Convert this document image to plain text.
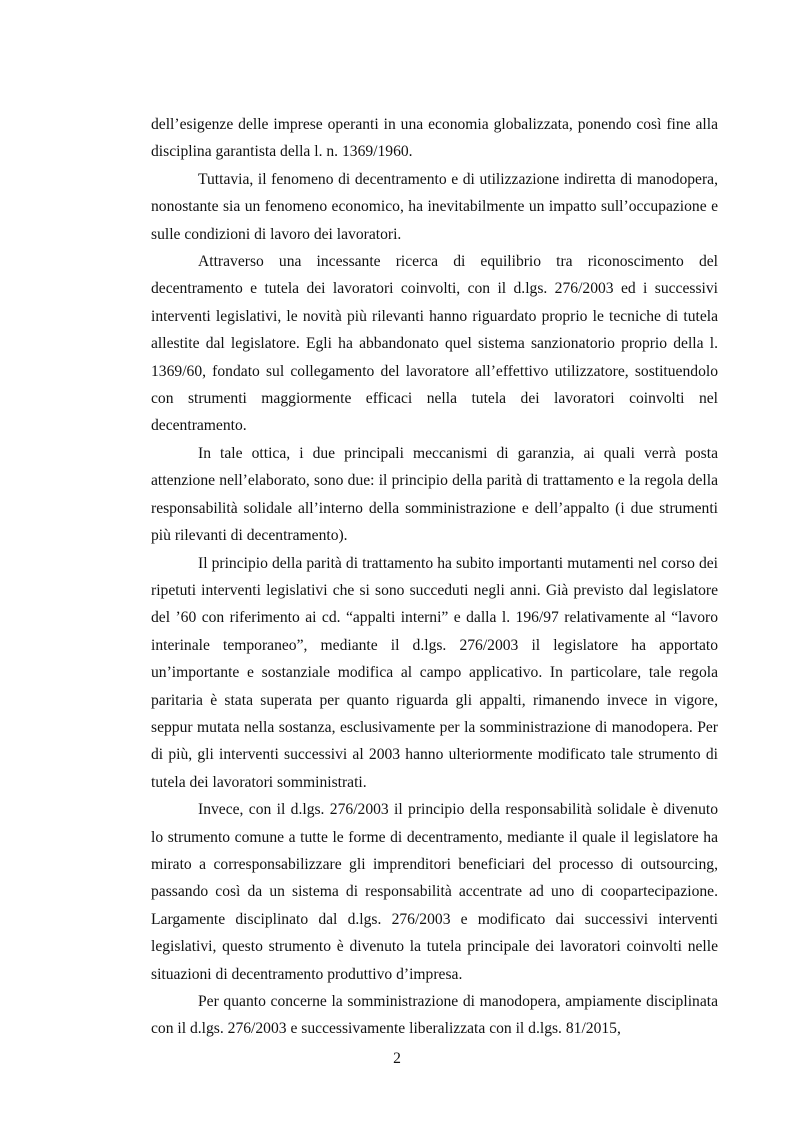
dell’esigenze delle imprese operanti in una economia globalizzata, ponendo così fine alla disciplina garantista della l. n. 1369/1960.

Tuttavia, il fenomeno di decentramento e di utilizzazione indiretta di manodopera, nonostante sia un fenomeno economico, ha inevitabilmente un impatto sull’occupazione e sulle condizioni di lavoro dei lavoratori.

Attraverso una incessante ricerca di equilibrio tra riconoscimento del decentramento e tutela dei lavoratori coinvolti, con il d.lgs. 276/2003 ed i successivi interventi legislativi, le novità più rilevanti hanno riguardato proprio le tecniche di tutela allestite dal legislatore. Egli ha abbandonato quel sistema sanzionatorio proprio della l. 1369/60, fondato sul collegamento del lavoratore all’effettivo utilizzatore, sostituendolo con strumenti maggiormente efficaci nella tutela dei lavoratori coinvolti nel decentramento.

In tale ottica, i due principali meccanismi di garanzia, ai quali verrà posta attenzione nell’elaborato, sono due: il principio della parità di trattamento e la regola della responsabilità solidale all’interno della somministrazione e dell’appalto (i due strumenti più rilevanti di decentramento).

Il principio della parità di trattamento ha subito importanti mutamenti nel corso dei ripetuti interventi legislativi che si sono succeduti negli anni. Già previsto dal legislatore del ’60 con riferimento ai cd. “appalti interni” e dalla l. 196/97 relativamente al “lavoro interinale temporaneo”, mediante il d.lgs. 276/2003 il legislatore ha apportato un’importante e sostanziale modifica al campo applicativo. In particolare, tale regola paritaria è stata superata per quanto riguarda gli appalti, rimanendo invece in vigore, seppur mutata nella sostanza, esclusivamente per la somministrazione di manodopera. Per di più, gli interventi successivi al 2003 hanno ulteriormente modificato tale strumento di tutela dei lavoratori somministrati.

Invece, con il d.lgs. 276/2003 il principio della responsabilità solidale è divenuto lo strumento comune a tutte le forme di decentramento, mediante il quale il legislatore ha mirato a corresponsabilizzare gli imprenditori beneficiari del processo di outsourcing, passando così da un sistema di responsabilità accentrate ad uno di coopartecipazione. Largamente disciplinato dal d.lgs. 276/2003 e modificato dai successivi interventi legislativi, questo strumento è divenuto la tutela principale dei lavoratori coinvolti nelle situazioni di decentramento produttivo d’impresa.

Per quanto concerne la somministrazione di manodopera, ampiamente disciplinata con il d.lgs. 276/2003 e successivamente liberalizzata con il d.lgs. 81/2015,

2
